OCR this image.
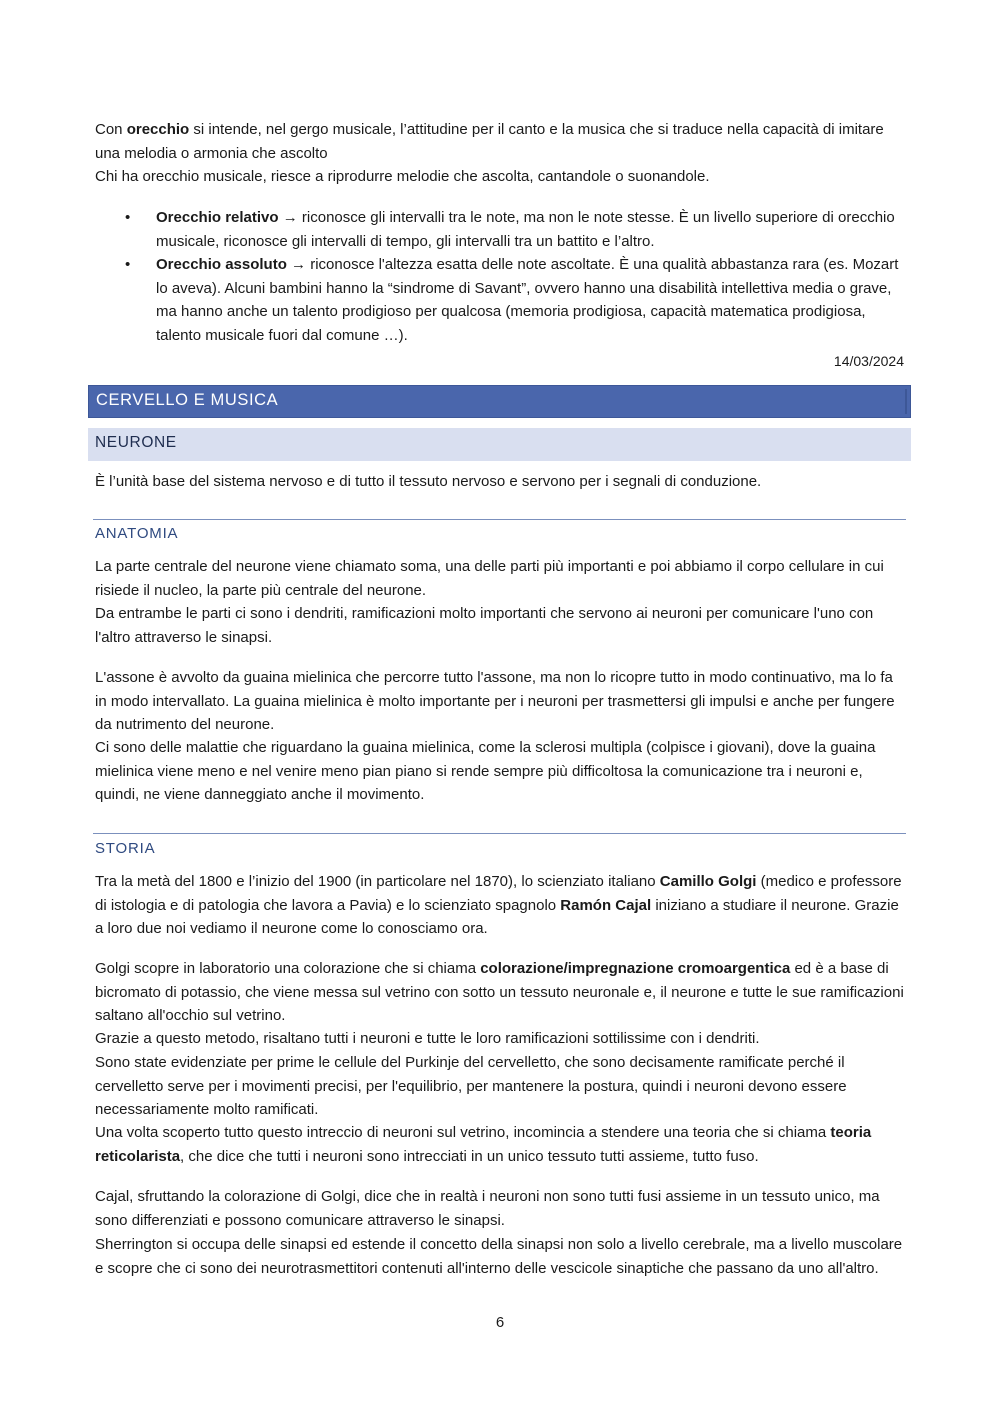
Con orecchio si intende, nel gergo musicale, l’attitudine per il canto e la musica che si traduce nella capacità di imitare una melodia o armonia che ascolto

Chi ha orecchio musicale, riesce a riprodurre melodie che ascolta, cantandole o suonandole.

• Orecchio relativo → riconosce gli intervalli tra le note, ma non le note stesse. È un livello superiore di orecchio musicale, riconosce gli intervalli di tempo, gli intervalli tra un battito e l’altro.
• Orecchio assoluto → riconosce l'altezza esatta delle note ascoltate. È una qualità abbastanza rara (es. Mozart lo aveva). Alcuni bambini hanno la “sindrome di Savant”, ovvero hanno una disabilità intellettiva media o grave, ma hanno anche un talento prodigioso per qualcosa (memoria prodigiosa, capacità matematica prodigiosa, talento musicale fuori dal comune …).
14/03/2024
CERVELLO E MUSICA
NEURONE

È l’unità base del sistema nervoso e di tutto il tessuto nervoso e servono per i segnali di conduzione.

ANATOMIA

La parte centrale del neurone viene chiamato soma, una delle parti più importanti e poi abbiamo il corpo cellulare in cui risiede il nucleo, la parte più centrale del neurone.

Da entrambe le parti ci sono i dendriti, ramificazioni molto importanti che servono ai neuroni per comunicare l'uno con l'altro attraverso le sinapsi.

L'assone è avvolto da guaina mielinica che percorre tutto l'assone, ma non lo ricopre tutto in modo continuativo, ma lo fa in modo intervallato. La guaina mielinica è molto importante per i neuroni per trasmettersi gli impulsi e anche per fungere da nutrimento del neurone.

Ci sono delle malattie che riguardano la guaina mielinica, come la sclerosi multipla (colpisce i giovani), dove la guaina mielinica viene meno e nel venire meno pian piano si rende sempre più difficoltosa la comunicazione tra i neuroni e, quindi, ne viene danneggiato anche il movimento.

STORIA

Tra la metà del 1800 e l’inizio del 1900 (in particolare nel 1870), lo scienziato italiano Camillo Golgi (medico e professore di istologia e di patologia che lavora a Pavia) e lo scienziato spagnolo Ramón Cajal iniziano a studiare il neurone. Grazie a loro due noi vediamo il neurone come lo conosciamo ora.

Golgi scopre in laboratorio una colorazione che si chiama colorazione/impregnazione cromoargentica ed è a base di bicromato di potassio, che viene messa sul vetrino con sotto un tessuto neuronale e, il neurone e tutte le sue ramificazioni saltano all'occhio sul vetrino.

Grazie a questo metodo, risaltano tutti i neuroni e tutte le loro ramificazioni sottilissime con i dendriti.

Sono state evidenziate per prime le cellule del Purkinje del cervelletto, che sono decisamente ramificate perché il cervelletto serve per i movimenti precisi, per l'equilibrio, per mantenere la postura, quindi i neuroni devono essere necessariamente molto ramificati.

Una volta scoperto tutto questo intreccio di neuroni sul vetrino, incomincia a stendere una teoria che si chiama teoria reticolarista, che dice che tutti i neuroni sono intrecciati in un unico tessuto tutti assieme, tutto fuso.

Cajal, sfruttando la colorazione di Golgi, dice che in realtà i neuroni non sono tutti fusi assieme in un tessuto unico, ma sono differenziati e possono comunicare attraverso le sinapsi.

Sherrington si occupa delle sinapsi ed estende il concetto della sinapsi non solo a livello cerebrale, ma a livello muscolare e scopre che ci sono dei neurotrasmettitori contenuti all'interno delle vescicole sinaptiche che passano da uno all'altro.

6
